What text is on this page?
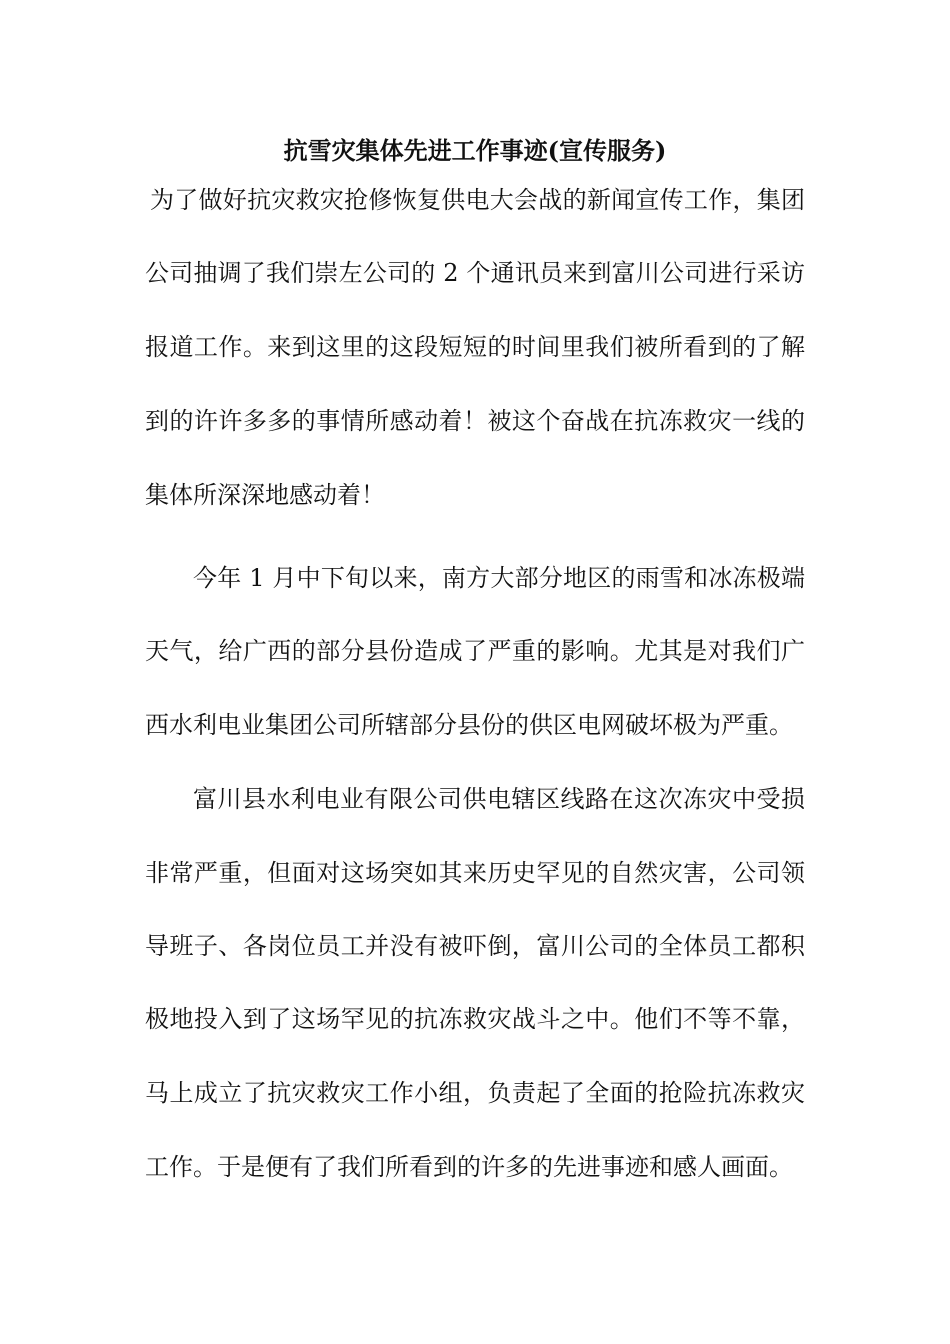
抗雪灾集体先进工作事迹(宣传服务)
为了做好抗灾救灾抢修恢复供电大会战的新闻宣传工作，集团
公司抽调了我们崇左公司的 2 个通讯员来到富川公司进行采访
报道工作。来到这里的这段短短的时间里我们被所看到的了解
到的许许多多的事情所感动着！被这个奋战在抗冻救灾一线的
集体所深深地感动着！
今年 1 月中下旬以来，南方大部分地区的雨雪和冰冻极端
天气，给广西的部分县份造成了严重的影响。尤其是对我们广
西水利电业集团公司所辖部分县份的供区电网破坏极为严重。
富川县水利电业有限公司供电辖区线路在这次冻灾中受损
非常严重，但面对这场突如其来历史罕见的自然灾害，公司领
导班子、各岗位员工并没有被吓倒，富川公司的全体员工都积
极地投入到了这场罕见的抗冻救灾战斗之中。他们不等不靠，
马上成立了抗灾救灾工作小组，负责起了全面的抢险抗冻救灾
工作。于是便有了我们所看到的许多的先进事迹和感人画面。
